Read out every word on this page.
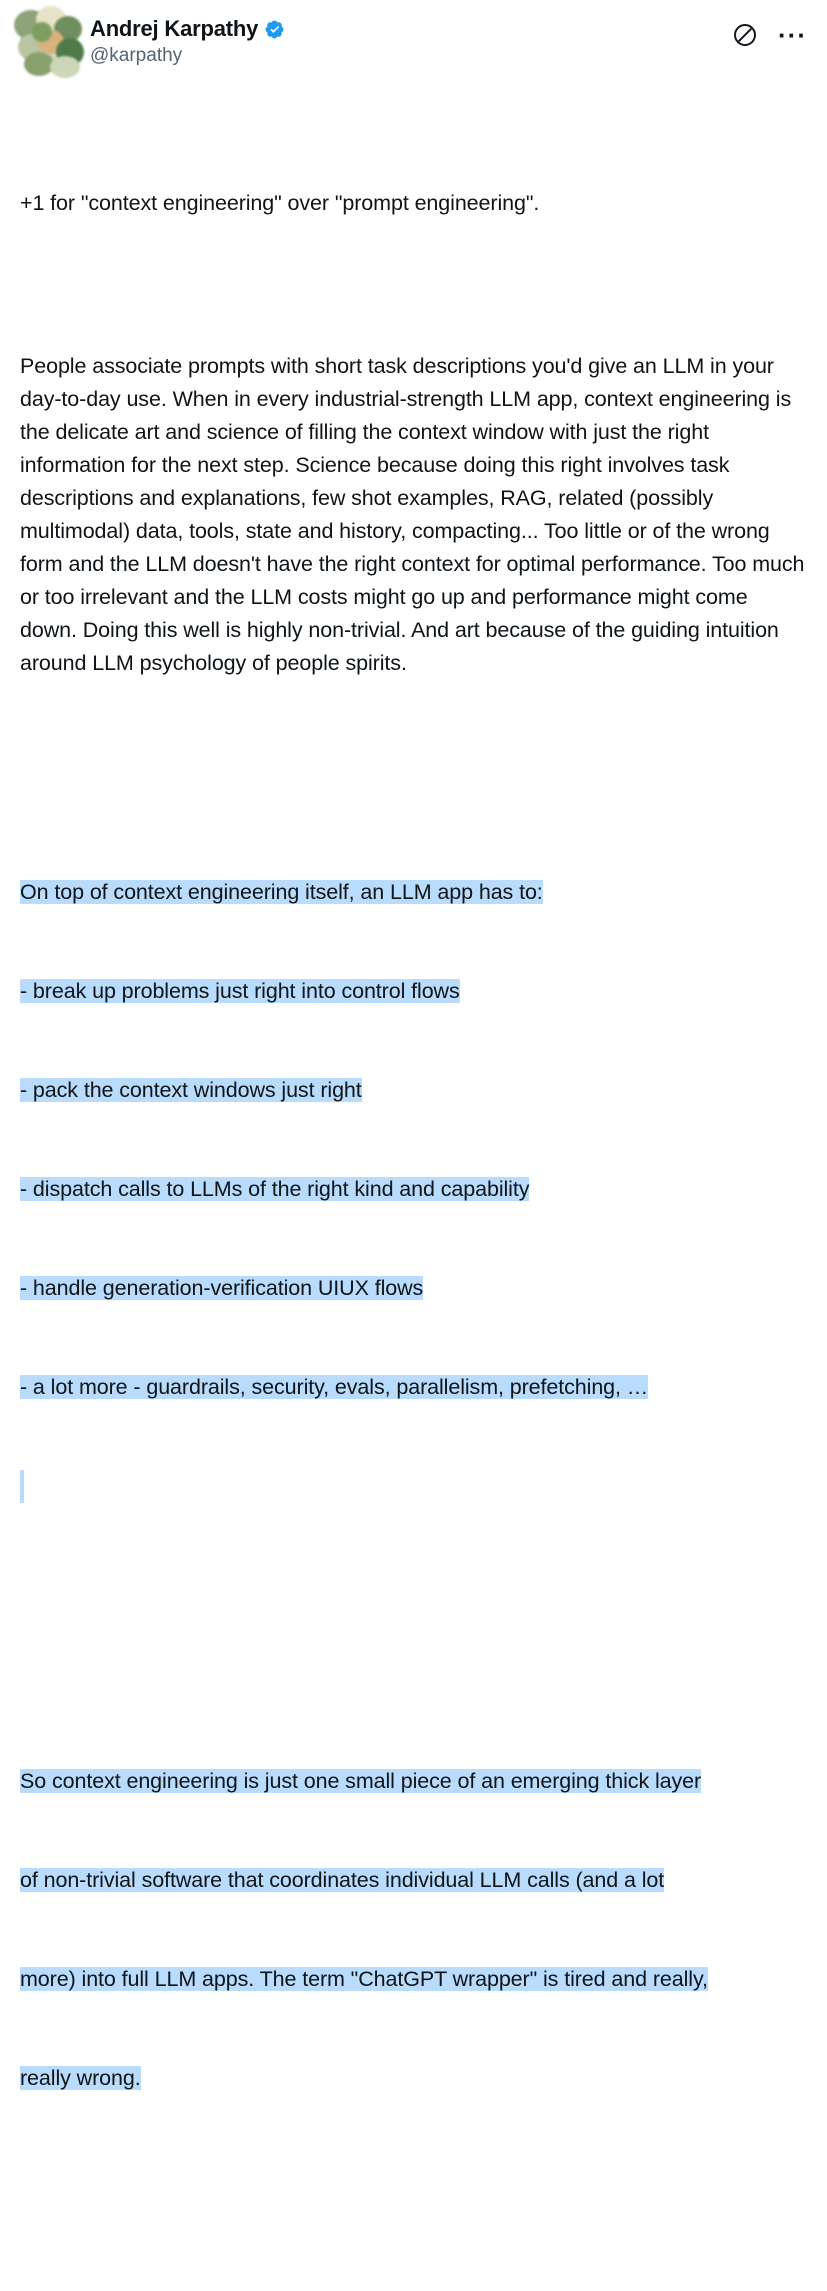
Andrej Karpathy
@karpathy
···

+1 for "context engineering" over "prompt engineering".

People associate prompts with short task descriptions you'd give an LLM in your day-to-day use. When in every industrial-strength LLM app, context engineering is the delicate art and science of filling the context window with just the right information for the next step. Science because doing this right involves task descriptions and explanations, few shot examples, RAG, related (possibly multimodal) data, tools, state and history, compacting... Too little or of the wrong form and the LLM doesn't have the right context for optimal performance. Too much or too irrelevant and the LLM costs might go up and performance might come down. Doing this well is highly non-trivial. And art because of the guiding intuition around LLM psychology of people spirits.

On top of context engineering itself, an LLM app has to:

- break up problems just right into control flows

- pack the context windows just right

- dispatch calls to LLMs of the right kind and capability

- handle generation-verification UIUX flows

- a lot more - guardrails, security, evals, parallelism, prefetching, …

So context engineering is just one small piece of an emerging thick layer

of non-trivial software that coordinates individual LLM calls (and a lot

more) into full LLM apps. The term "ChatGPT wrapper" is tired and really,

really wrong.
